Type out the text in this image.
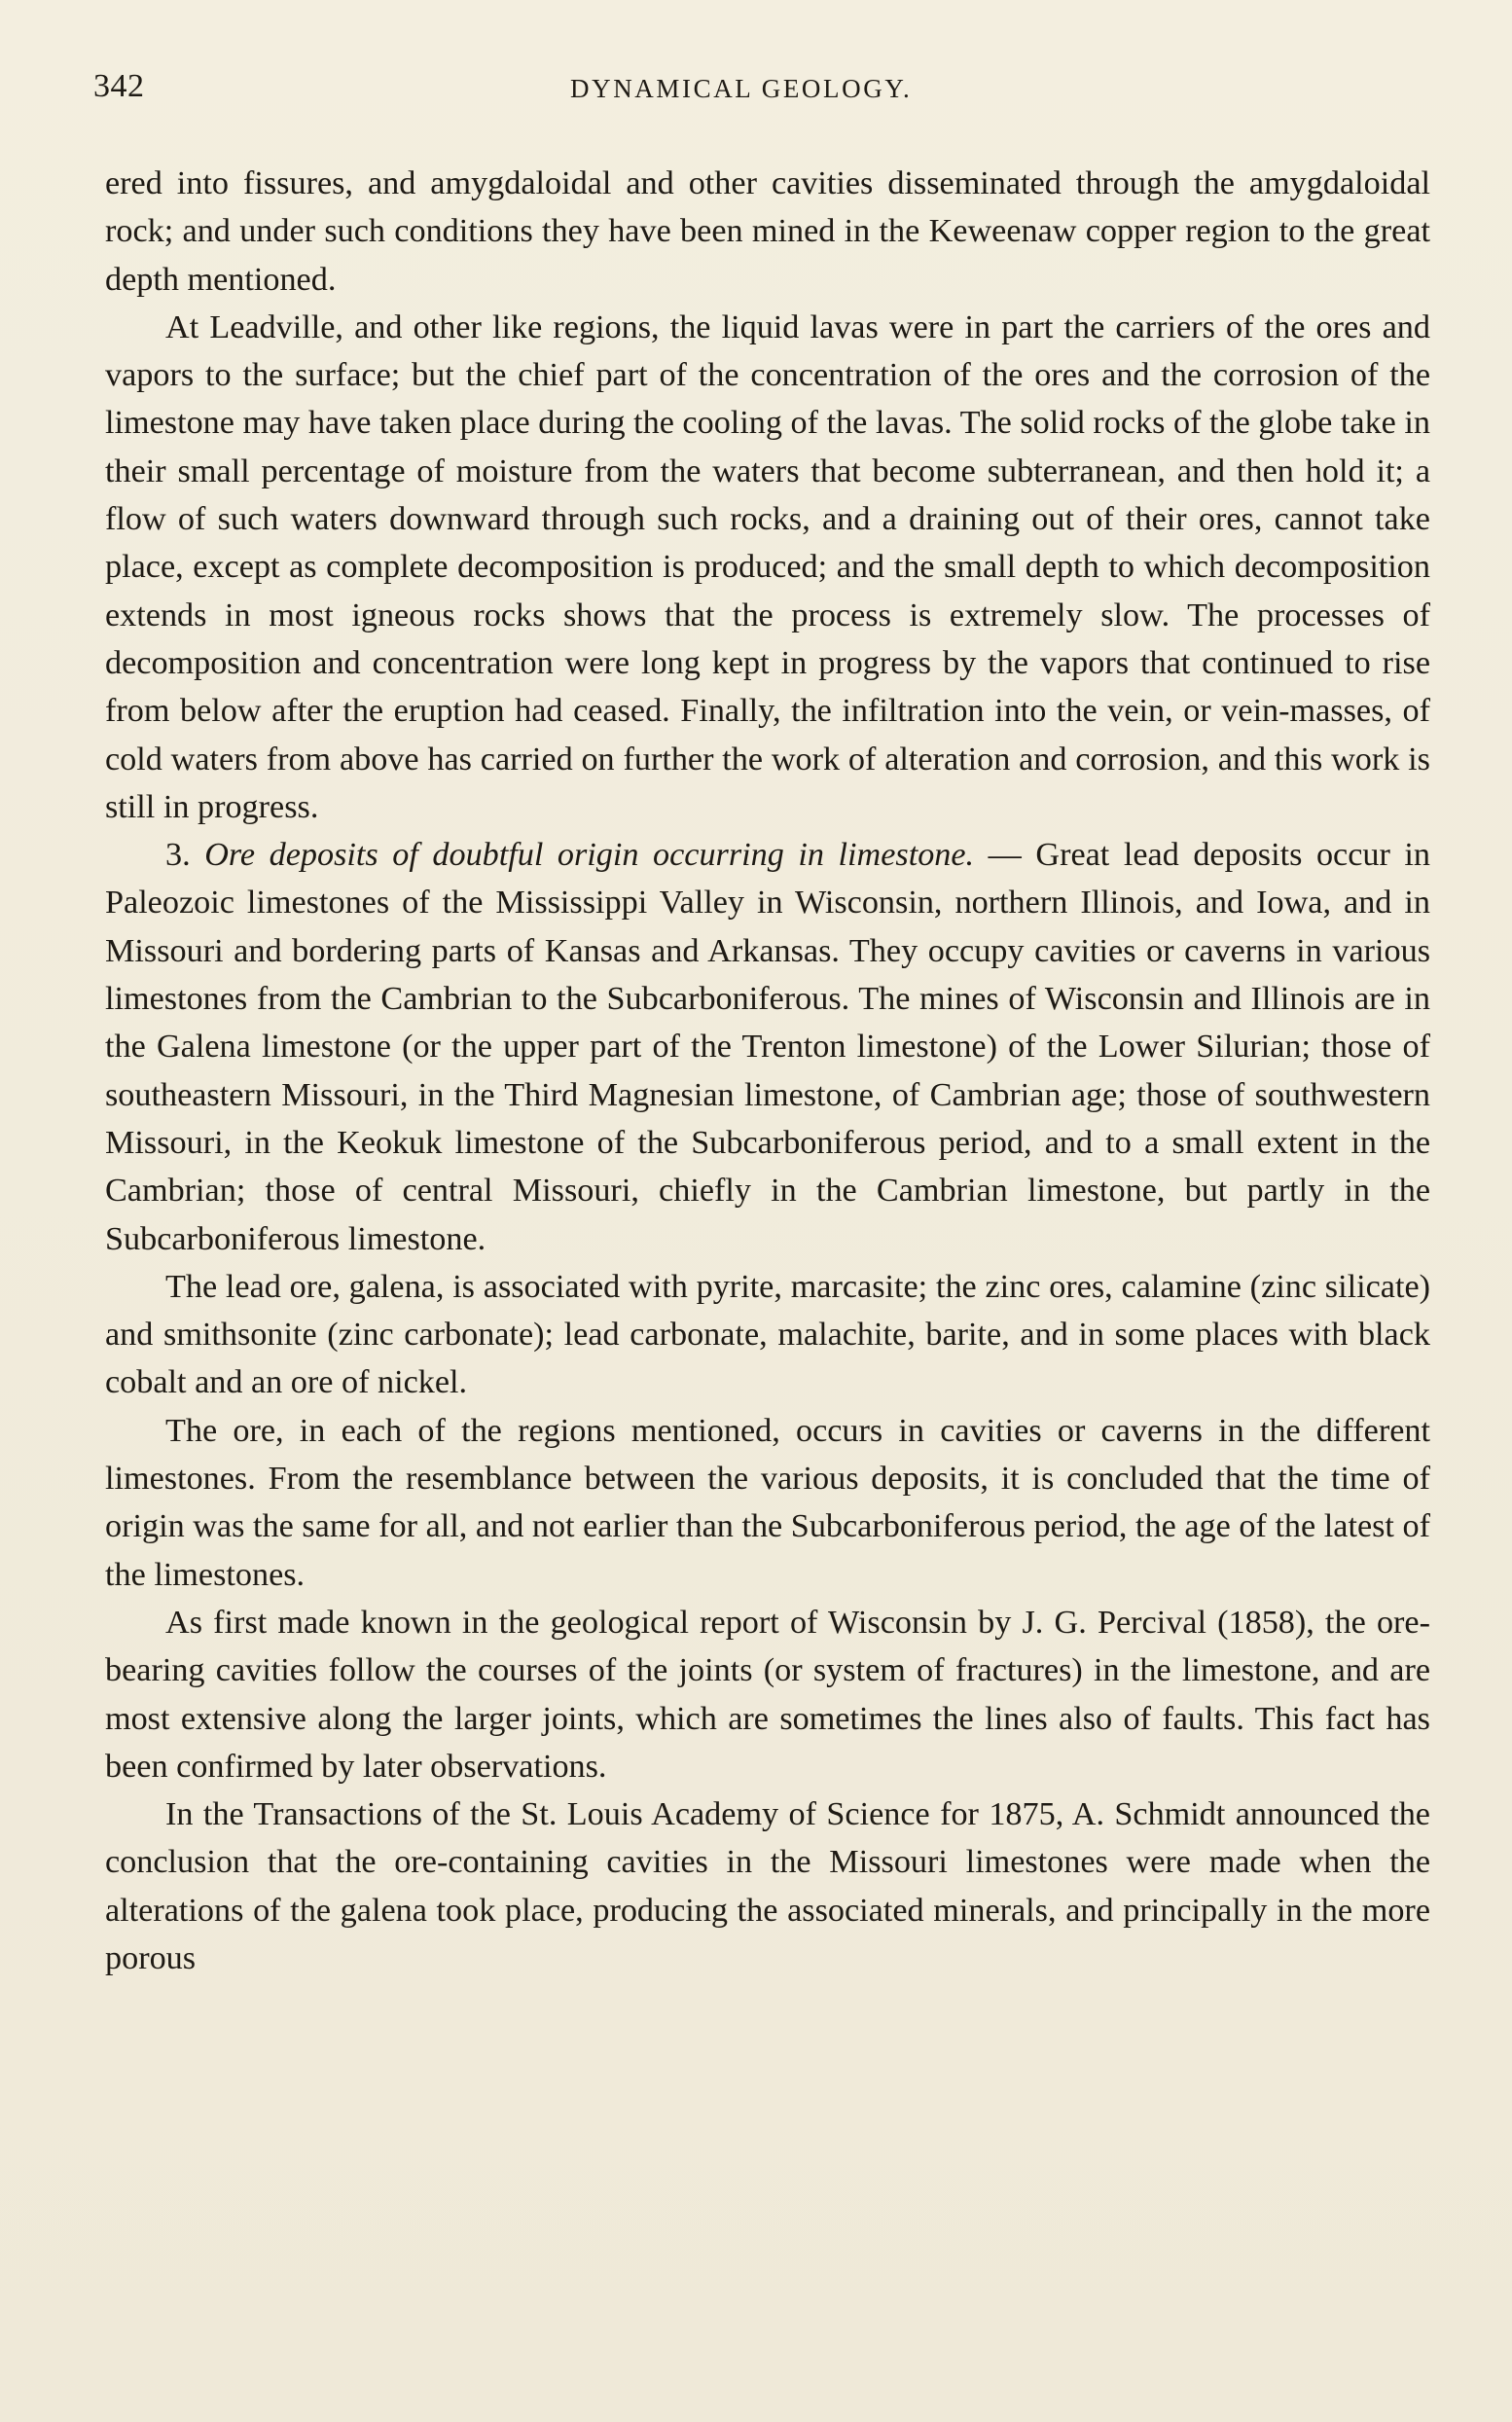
342	DYNAMICAL GEOLOGY.

ered into fissures, and amygdaloidal and other cavities disseminated through the amygdaloidal rock; and under such conditions they have been mined in the Keweenaw copper region to the great depth mentioned.

At Leadville, and other like regions, the liquid lavas were in part the carriers of the ores and vapors to the surface; but the chief part of the concentration of the ores and the corrosion of the limestone may have taken place during the cooling of the lavas. The solid rocks of the globe take in their small percentage of moisture from the waters that become subterranean, and then hold it; a flow of such waters downward through such rocks, and a draining out of their ores, cannot take place, except as complete decomposition is produced; and the small depth to which decomposition extends in most igneous rocks shows that the process is extremely slow. The processes of decomposition and concentration were long kept in progress by the vapors that continued to rise from below after the eruption had ceased. Finally, the infiltration into the vein, or vein-masses, of cold waters from above has carried on further the work of alteration and corrosion, and this work is still in progress.

3. Ore deposits of doubtful origin occurring in limestone. — Great lead deposits occur in Paleozoic limestones of the Mississippi Valley in Wisconsin, northern Illinois, and Iowa, and in Missouri and bordering parts of Kansas and Arkansas. They occupy cavities or caverns in various limestones from the Cambrian to the Subcarboniferous. The mines of Wisconsin and Illinois are in the Galena limestone (or the upper part of the Trenton limestone) of the Lower Silurian; those of southeastern Missouri, in the Third Magnesian limestone, of Cambrian age; those of southwestern Missouri, in the Keokuk limestone of the Subcarboniferous period, and to a small extent in the Cambrian; those of central Missouri, chiefly in the Cambrian limestone, but partly in the Subcarboniferous limestone.

The lead ore, galena, is associated with pyrite, marcasite; the zinc ores, calamine (zinc silicate) and smithsonite (zinc carbonate); lead carbonate, malachite, barite, and in some places with black cobalt and an ore of nickel.

The ore, in each of the regions mentioned, occurs in cavities or caverns in the different limestones. From the resemblance between the various deposits, it is concluded that the time of origin was the same for all, and not earlier than the Subcarboniferous period, the age of the latest of the limestones.

As first made known in the geological report of Wisconsin by J. G. Percival (1858), the ore-bearing cavities follow the courses of the joints (or system of fractures) in the limestone, and are most extensive along the larger joints, which are sometimes the lines also of faults. This fact has been confirmed by later observations.

In the Transactions of the St. Louis Academy of Science for 1875, A. Schmidt announced the conclusion that the ore-containing cavities in the Missouri limestones were made when the alterations of the galena took place, producing the associated minerals, and principally in the more porous
